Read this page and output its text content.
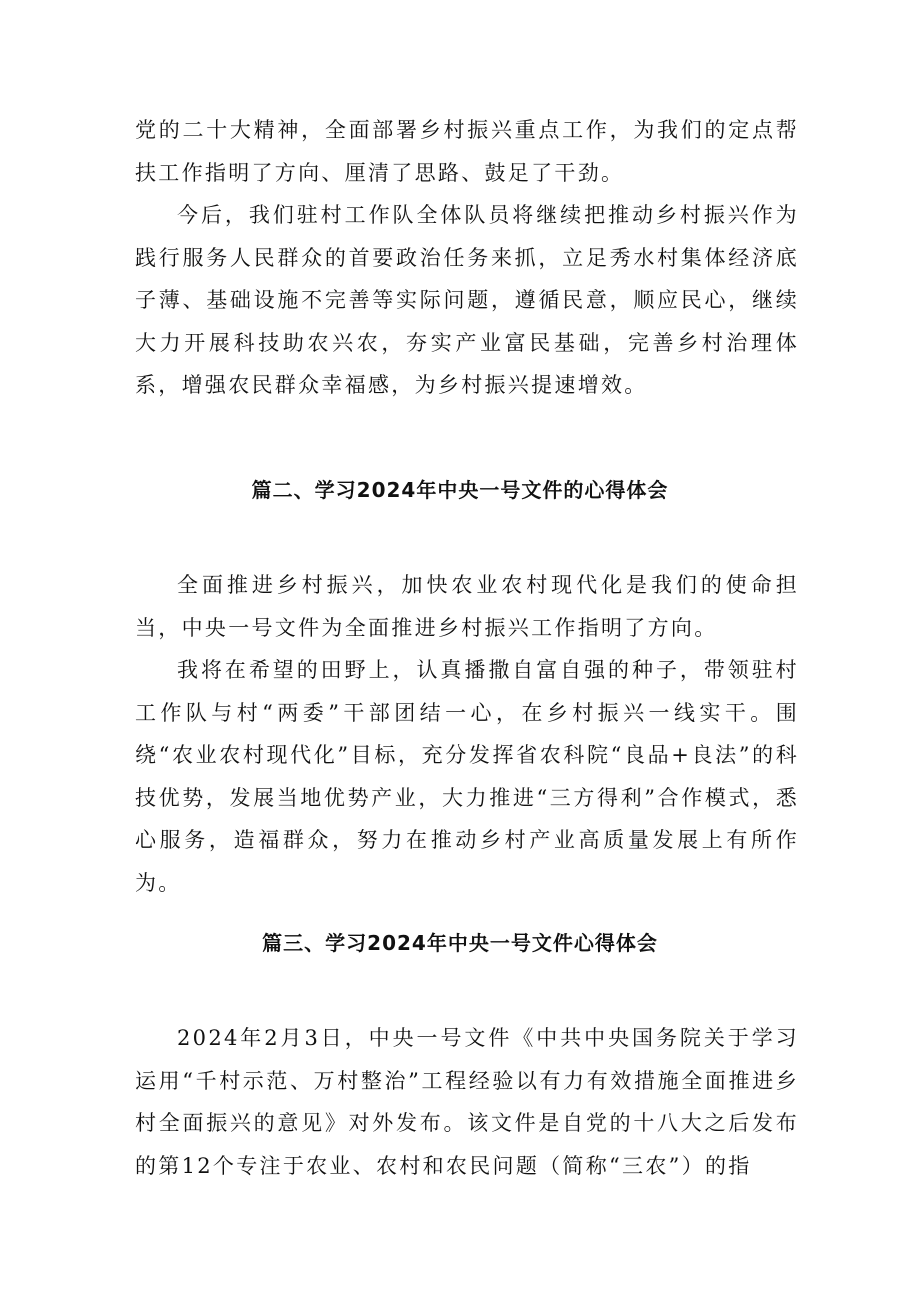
党的二十大精神，全面部署乡村振兴重点工作，为我们的定点帮扶工作指明了方向、厘清了思路、鼓足了干劲。

今后，我们驻村工作队全体队员将继续把推动乡村振兴作为践行服务人民群众的首要政治任务来抓，立足秀水村集体经济底子薄、基础设施不完善等实际问题，遵循民意，顺应民心，继续大力开展科技助农兴农，夯实产业富民基础，完善乡村治理体系，增强农民群众幸福感，为乡村振兴提速增效。

篇二、学习2024年中央一号文件的心得体会

全面推进乡村振兴，加快农业农村现代化是我们的使命担当，中央一号文件为全面推进乡村振兴工作指明了方向。

我将在希望的田野上，认真播撒自富自强的种子，带领驻村工作队与村“两委”干部团结一心，在乡村振兴一线实干。围绕“农业农村现代化”目标，充分发挥省农科院“良品+良法”的科技优势，发展当地优势产业，大力推进“三方得利”合作模式，悉心服务，造福群众，努力在推动乡村产业高质量发展上有所作为。

篇三、学习2024年中央一号文件心得体会

2024年2月3日，中央一号文件《中共中央国务院关于学习运用“千村示范、万村整治”工程经验以有力有效措施全面推进乡村全面振兴的意见》对外发布。该文件是自党的十八大之后发布的第12个专注于农业、农村和农民问题（简称“三农”）的指
